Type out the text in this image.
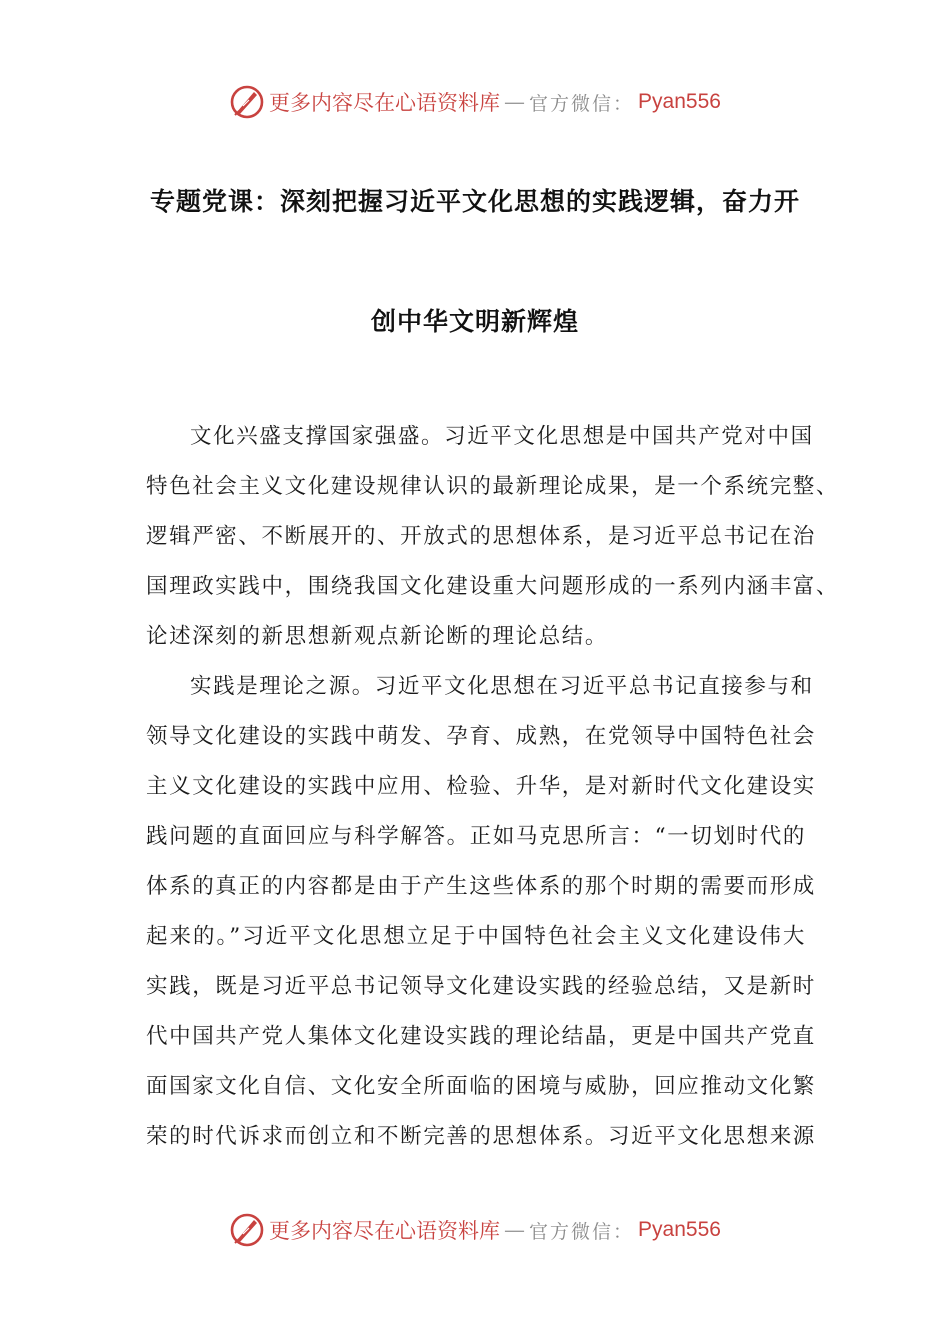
更多内容尽在心语资料库 — 官方微信： Pyan556
专题党课：深刻把握习近平文化思想的实践逻辑，奋力开
创中华文明新辉煌
文化兴盛支撑国家强盛。习近平文化思想是中国共产党对中国
特色社会主义文化建设规律认识的最新理论成果，是一个系统完整、
逻辑严密、不断展开的、开放式的思想体系，是习近平总书记在治
国理政实践中，围绕我国文化建设重大问题形成的一系列内涵丰富、
论述深刻的新思想新观点新论断的理论总结。
实践是理论之源。习近平文化思想在习近平总书记直接参与和
领导文化建设的实践中萌发、孕育、成熟，在党领导中国特色社会
主义文化建设的实践中应用、检验、升华，是对新时代文化建设实
践问题的直面回应与科学解答。正如马克思所言：“一切划时代的
体系的真正的内容都是由于产生这些体系的那个时期的需要而形成
起来的。”习近平文化思想立足于中国特色社会主义文化建设伟大
实践，既是习近平总书记领导文化建设实践的经验总结，又是新时
代中国共产党人集体文化建设实践的理论结晶，更是中国共产党直
面国家文化自信、文化安全所面临的困境与威胁，回应推动文化繁
荣的时代诉求而创立和不断完善的思想体系。习近平文化思想来源
更多内容尽在心语资料库 — 官方微信： Pyan556
